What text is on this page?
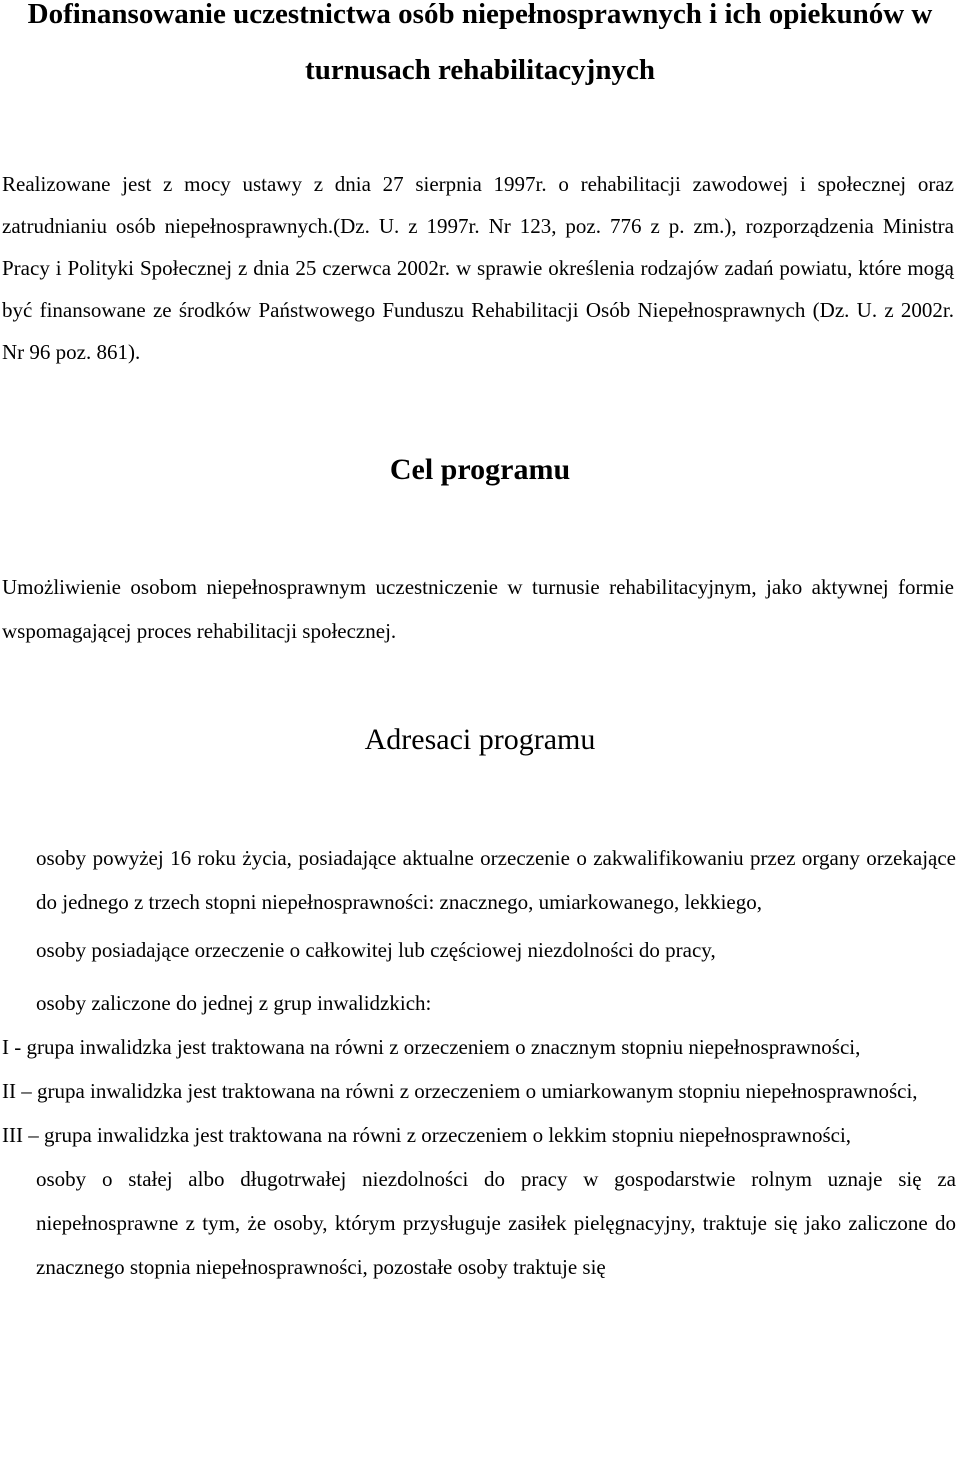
Dofinansowanie uczestnictwa osób niepełnosprawnych i ich opiekunów w turnusach rehabilitacyjnych

Realizowane jest z mocy ustawy z dnia 27 sierpnia 1997r. o rehabilitacji zawodowej i społecznej oraz zatrudnianiu osób niepełnosprawnych.(Dz. U. z 1997r. Nr 123, poz. 776 z p. zm.), rozporządzenia Ministra Pracy i Polityki Społecznej z dnia 25 czerwca 2002r. w sprawie określenia rodzajów zadań powiatu, które mogą być finansowane ze środków Państwowego Funduszu Rehabilitacji Osób Niepełnosprawnych (Dz. U. z 2002r. Nr 96 poz. 861).

Cel programu

Umożliwienie osobom niepełnosprawnym uczestniczenie w turnusie rehabilitacyjnym, jako aktywnej formie wspomagającej proces rehabilitacji społecznej.

Adresaci programu

osoby powyżej 16 roku życia, posiadające aktualne orzeczenie o zakwalifikowaniu przez organy orzekające do jednego z trzech stopni niepełnosprawności: znacznego, umiarkowanego, lekkiego,

osoby posiadające orzeczenie o całkowitej lub częściowej niezdolności do pracy,

osoby zaliczone do jednej z grup inwalidzkich:

I - grupa inwalidzka jest traktowana na równi z orzeczeniem o znacznym stopniu niepełnosprawności,

II – grupa inwalidzka jest traktowana na równi z orzeczeniem o umiarkowanym stopniu niepełnosprawności,

III – grupa inwalidzka jest traktowana na równi z orzeczeniem o lekkim stopniu niepełnosprawności,

osoby o stałej albo długotrwałej niezdolności do pracy w gospodarstwie rolnym uznaje się za niepełnosprawne z tym, że osoby, którym przysługuje zasiłek pielęgnacyjny, traktuje się jako zaliczone do znacznego stopnia niepełnosprawności, pozostałe osoby traktuje się
